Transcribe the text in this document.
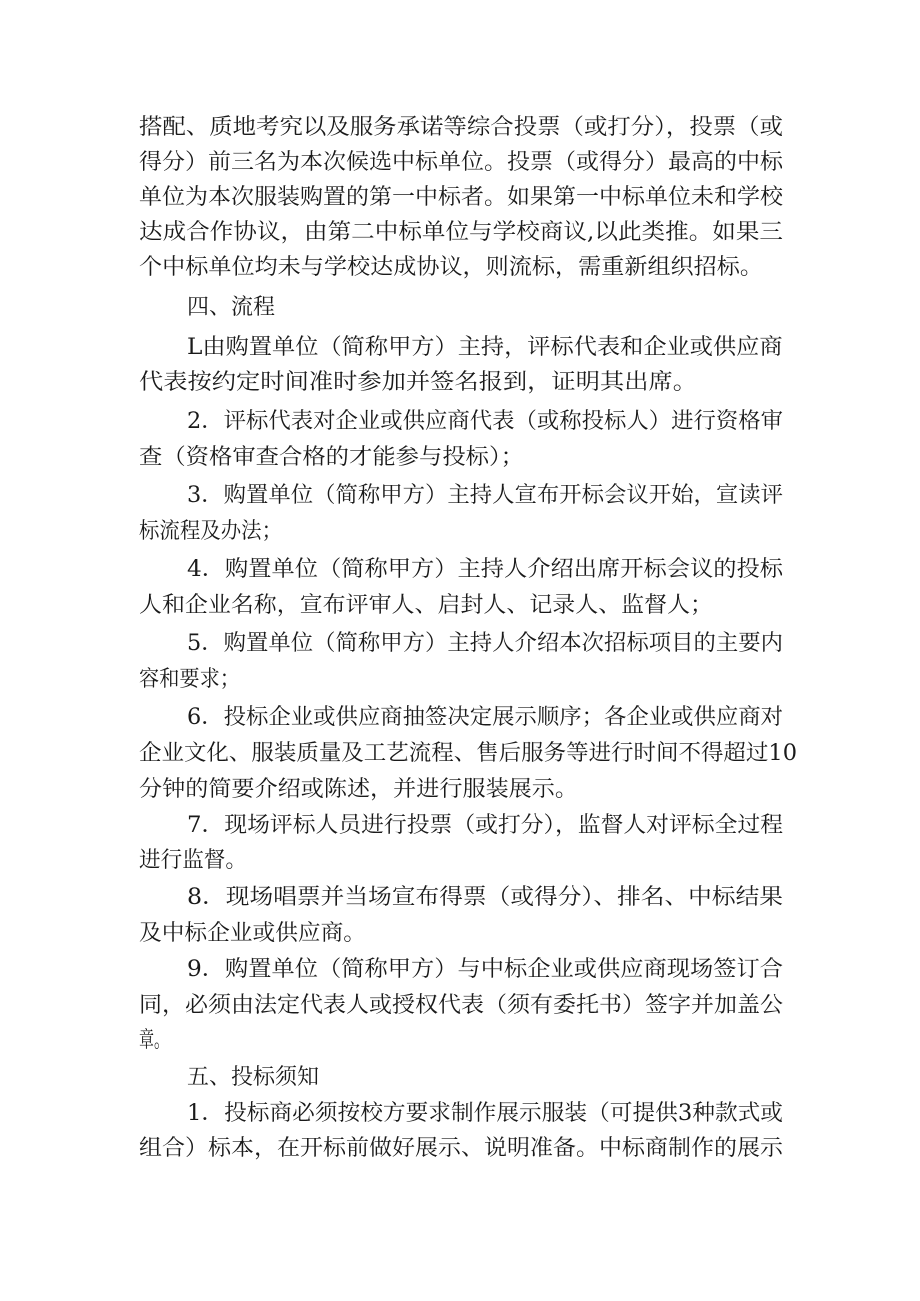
搭配、质地考究以及服务承诺等综合投票（或打分），投票（或
得分）前三名为本次候选中标单位。投票（或得分）最高的中标
单位为本次服装购置的第一中标者。如果第一中标单位未和学校
达成合作协议，由第二中标单位与学校商议,以此类推。如果三
个中标单位均未与学校达成协议，则流标，需重新组织招标。
四、流程
L由购置单位（简称甲方）主持，评标代表和企业或供应商
代表按约定时间准时参加并签名报到，证明其出席。
2．评标代表对企业或供应商代表（或称投标人）进行资格审
查（资格审查合格的才能参与投标）；
3．购置单位（简称甲方）主持人宣布开标会议开始，宣读评
标流程及办法；
4．购置单位（简称甲方）主持人介绍出席开标会议的投标
人和企业名称，宣布评审人、启封人、记录人、监督人；
5．购置单位（简称甲方）主持人介绍本次招标项目的主要内
容和要求；
6．投标企业或供应商抽签决定展示顺序；各企业或供应商对
企业文化、服装质量及工艺流程、售后服务等进行时间不得超过10
分钟的简要介绍或陈述，并进行服装展示。
7．现场评标人员进行投票（或打分），监督人对评标全过程
进行监督。
8．现场唱票并当场宣布得票（或得分）、排名、中标结果
及中标企业或供应商。
9．购置单位（简称甲方）与中标企业或供应商现场签订合
同，必须由法定代表人或授权代表（须有委托书）签字并加盖公
章。
五、投标须知
1．投标商必须按校方要求制作展示服装（可提供3种款式或
组合）标本，在开标前做好展示、说明准备。中标商制作的展示
